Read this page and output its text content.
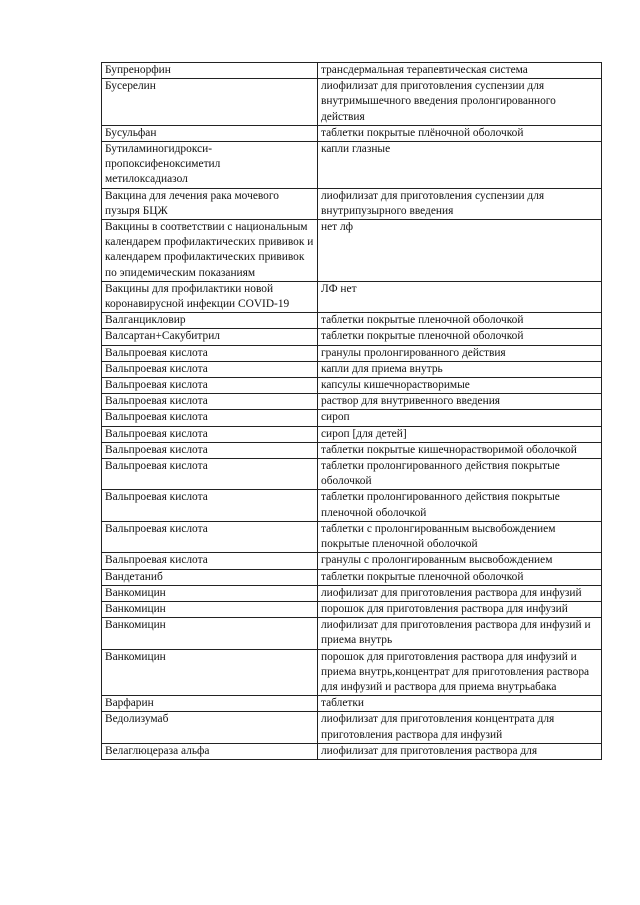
Бупренорфин	трансдермальная терапевтическая система
Бусерелин	лиофилизат для приготовления суспензии для внутримышечного введения пролонгированного действия
Бусульфан	таблетки покрытые плёночной оболочкой
Бутиламиногидрокси-
пропоксифеноксиметил
метилоксадиазол	капли глазные
Вакцина для лечения рака мочевого пузыря БЦЖ	лиофилизат для приготовления суспензии для внутрипузырного введения
Вакцины в соответствии с национальным календарем профилактических прививок и календарем профилактических прививок по эпидемическим показаниям	нет лф
Вакцины для профилактики новой коронавирусной инфекции COVID-19	ЛФ нет
Валганцикловир	таблетки покрытые пленочной оболочкой
Валсартан+Сакубитрил	таблетки покрытые пленочной оболочкой
Вальпроевая кислота	гранулы пролонгированного действия
Вальпроевая кислота	капли для приема внутрь
Вальпроевая кислота	капсулы кишечнорастворимые
Вальпроевая кислота	раствор для внутривенного введения
Вальпроевая кислота	сироп
Вальпроевая кислота	сироп [для детей]
Вальпроевая кислота	таблетки покрытые кишечнорастворимой оболочкой
Вальпроевая кислота	таблетки пролонгированного действия покрытые оболочкой
Вальпроевая кислота	таблетки пролонгированного действия покрытые пленочной оболочкой
Вальпроевая кислота	таблетки с пролонгированным высвобождением покрытые пленочной оболочкой
Вальпроевая кислота	гранулы с пролонгированным высвобождением
Вандетаниб	таблетки покрытые пленочной оболочкой
Ванкомицин	лиофилизат для приготовления раствора для инфузий
Ванкомицин	порошок для приготовления раствора для инфузий
Ванкомицин	лиофилизат для приготовления раствора для инфузий и приема внутрь
Ванкомицин	порошок для приготовления раствора для инфузий и приема внутрь,концентрат для приготовления раствора для инфузий и раствора для приема внутрьабака
Варфарин	таблетки
Ведолизумаб	лиофилизат для приготовления концентрата для приготовления раствора для инфузий
Велаглюцераза альфа	лиофилизат для приготовления раствора для
